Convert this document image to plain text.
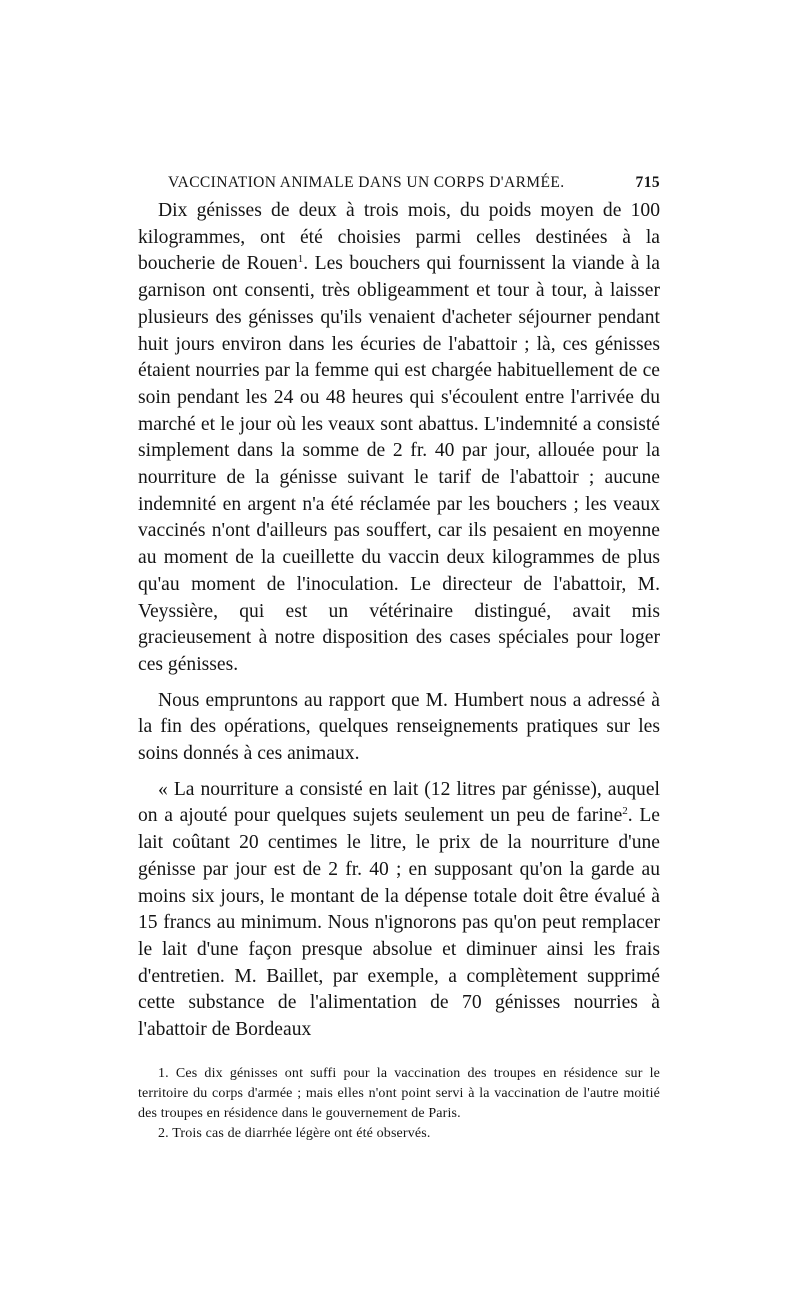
VACCINATION ANIMALE DANS UN CORPS D'ARMÉE.	715

Dix génisses de deux à trois mois, du poids moyen de 100 kilogrammes, ont été choisies parmi celles destinées à la boucherie de Rouen$^1$. Les bouchers qui fournissent la viande à la garnison ont consenti, très obligeamment et tour à tour, à laisser plusieurs des génisses qu'ils venaient d'acheter séjourner pendant huit jours environ dans les écuries de l'abattoir ; là, ces génisses étaient nourries par la femme qui est chargée habituellement de ce soin pendant les 24 ou 48 heures qui s'écoulent entre l'arrivée du marché et le jour où les veaux sont abattus. L'indemnité a consisté simplement dans la somme de 2 fr. 40 par jour, allouée pour la nourriture de la génisse suivant le tarif de l'abattoir ; aucune indemnité en argent n'a été réclamée par les bouchers ; les veaux vaccinés n'ont d'ailleurs pas souffert, car ils pesaient en moyenne au moment de la cueillette du vaccin deux kilogrammes de plus qu'au moment de l'inoculation. Le directeur de l'abattoir, M. Veyssière, qui est un vétérinaire distingué, avait mis gracieusement à notre disposition des cases spéciales pour loger ces génisses.

Nous empruntons au rapport que M. Humbert nous a adressé à la fin des opérations, quelques renseignements pratiques sur les soins donnés à ces animaux.

« La nourriture a consisté en lait (12 litres par génisse), auquel on a ajouté pour quelques sujets seulement un peu de farine$^2$. Le lait coûtant 20 centimes le litre, le prix de la nourriture d'une génisse par jour est de 2 fr. 40 ; en supposant qu'on la garde au moins six jours, le montant de la dépense totale doit être évalué à 15 francs au minimum. Nous n'ignorons pas qu'on peut remplacer le lait d'une façon presque absolue et diminuer ainsi les frais d'entretien. M. Baillet, par exemple, a complètement supprimé cette substance de l'alimentation de 70 génisses nourries à l'abattoir de Bordeaux

1. Ces dix génisses ont suffi pour la vaccination des troupes en résidence sur le territoire du corps d'armée ; mais elles n'ont point servi à la vaccination de l'autre moitié des troupes en résidence dans le gouvernement de Paris.

2. Trois cas de diarrhée légère ont été observés.
